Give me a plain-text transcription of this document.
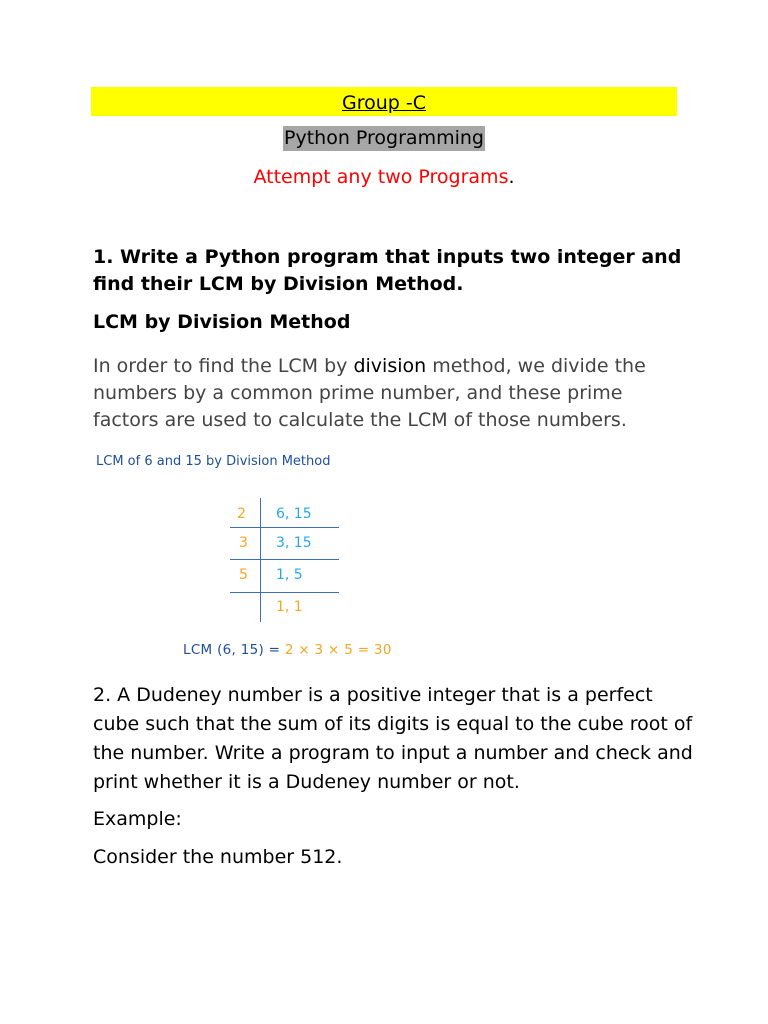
Group -C
Python Programming
Attempt any two Programs.
1. Write a Python program that inputs two integer and find their LCM by Division Method.
LCM by Division Method
In order to find the LCM by division method, we divide the numbers by a common prime number, and these prime factors are used to calculate the LCM of those numbers.
LCM of 6 and 15 by Division Method
2 6, 15
3 3, 15
5 1, 5
1, 1
LCM (6, 15) = 2 × 3 × 5 = 30
2. A Dudeney number is a positive integer that is a perfect cube such that the sum of its digits is equal to the cube root of the number. Write a program to input a number and check and print whether it is a Dudeney number or not.
Example:
Consider the number 512.
